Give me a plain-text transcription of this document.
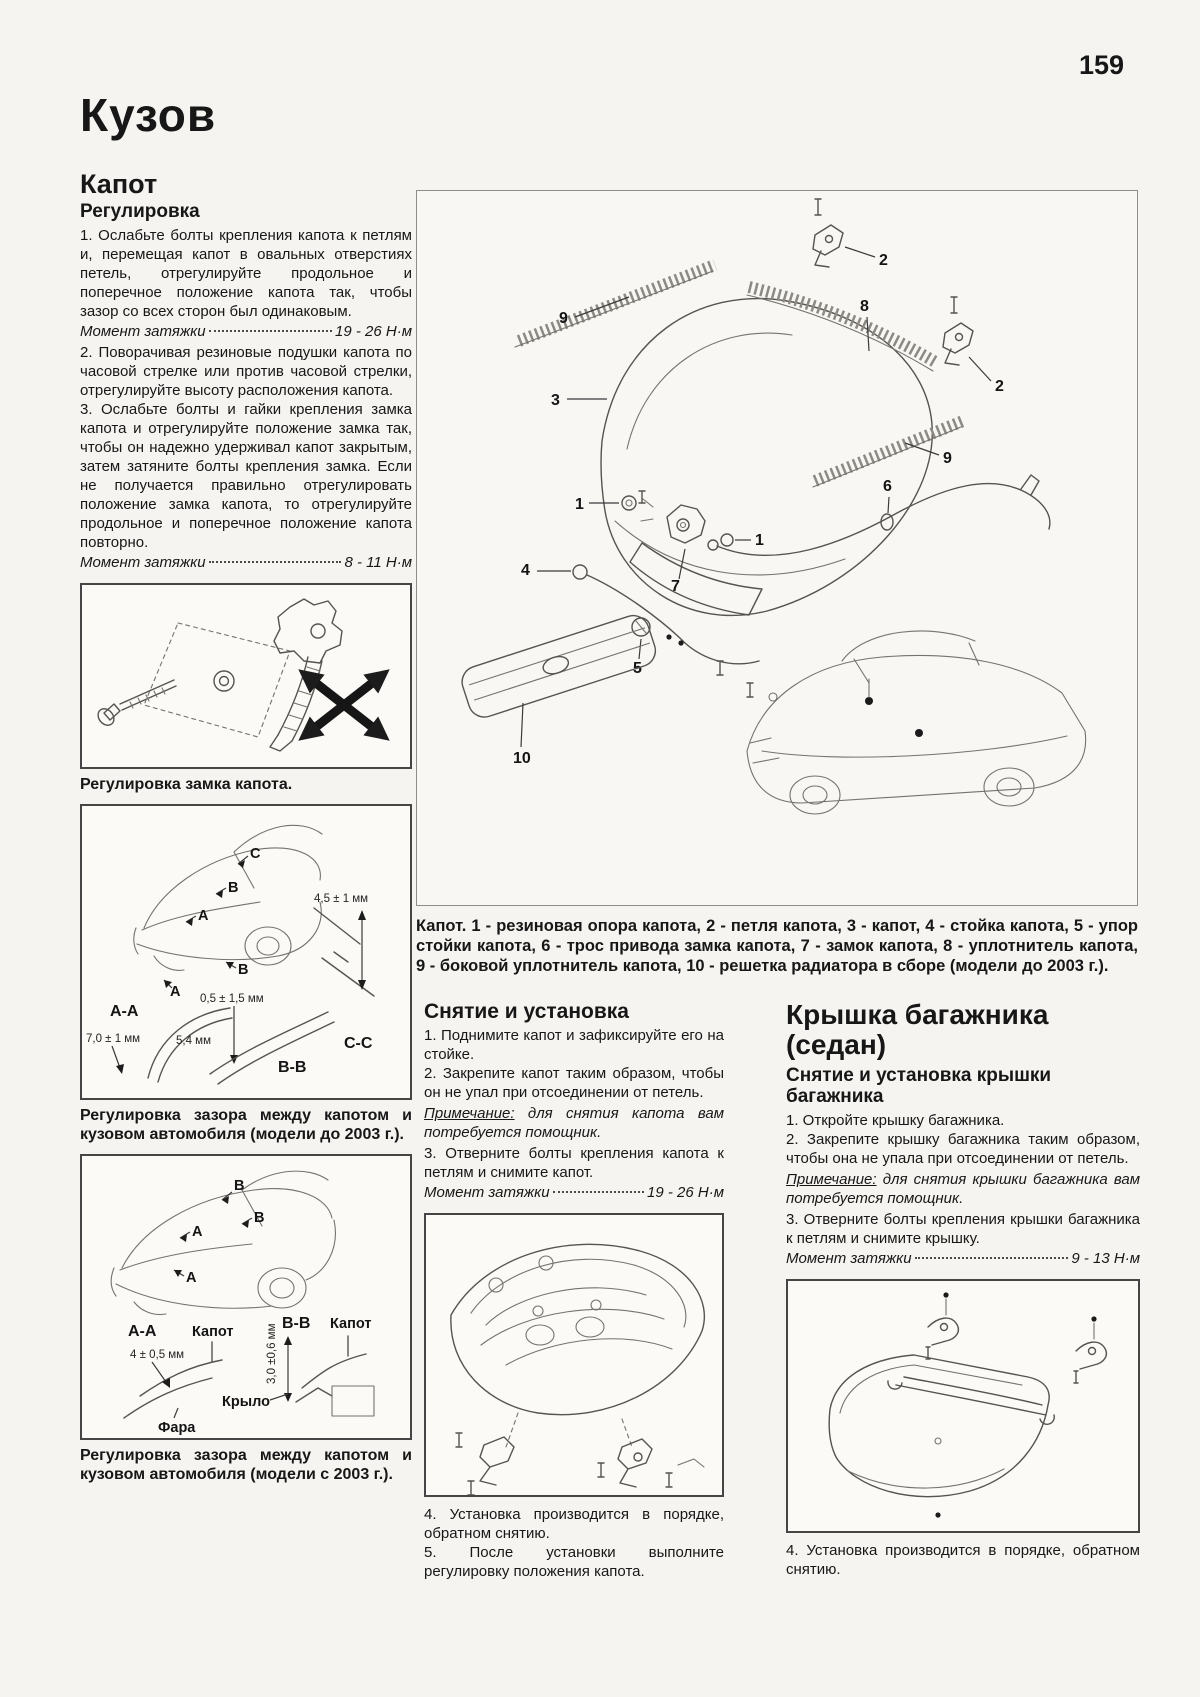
159
Кузов
Капот
Регулировка

1. Ослабьте болты крепления капота к петлям и, перемещая капот в овальных отверстиях петель, отрегулируйте продольное и поперечное положение капота так, чтобы зазор со всех сторон был одинаковым.

Момент затяжки	19 - 26 Н·м

2. Поворачивая резиновые подушки капота по часовой стрелке или против часовой стрелки, отрегулируйте высоту расположения капота.

3. Ослабьте болты и гайки крепления замка капота и отрегулируйте положение замка так, чтобы он надежно удерживал капот закрытым, затем затяните болты крепления замка. Если не получается правильно отрегулировать положение замка капота, то отрегулируйте продольное и поперечное положение капота повторно.

Момент затяжки	8 - 11 Н·м
Регулировка замка капота.
C
B
A
B
A
4,5 ± 1 мм
C-C
A-A
7,0 ± 1 мм
0,5 ± 1,5 мм
5,4 мм
B-B
Регулировка зазора между капотом и кузовом автомобиля (модели до 2003 г.).
B
B
A
A
B-B
3,0 ±0,6 мм	Капот
Крыло
A-A Капот
4 ± 0,5 мм
Фара
Регулировка зазора между капотом и кузовом автомобиля (модели с 2003 г.).
9
8
2
2
3
1
9
6
1
7
4
5
10
Капот. 1 - резиновая опора капота, 2 - петля капота, 3 - капот, 4 - стойка капота, 5 - упор стойки капота, 6 - трос привода замка капота, 7 - замок капота, 8 - уплотнитель капота, 9 - боковой уплотнитель капота, 10 - решетка радиатора в сборе (модели до 2003 г.).
Снятие и установка

1. Поднимите капот и зафиксируйте его на стойке.

2. Закрепите капот таким образом, чтобы он не упал при отсоединении от петель.

Примечание: для снятия капота вам потребуется помощник.

3. Отверните болты крепления капота к петлям и снимите капот.

Момент затяжки	19 - 26 Н·м

4. Установка производится в порядке, обратном снятию.

5. После установки выполните регулировку положения капота.

Крышка багажника (седан)
Снятие и установка крышки багажника

1. Откройте крышку багажника.

2. Закрепите крышку багажника таким образом, чтобы она не упала при отсоединении от петель.

Примечание: для снятия крышки багажника вам потребуется помощник.

3. Отверните болты крепления крышки багажника к петлям и снимите крышку.

Момент затяжки	9 - 13 Н·м

4. Установка производится в порядке, обратном снятию.
